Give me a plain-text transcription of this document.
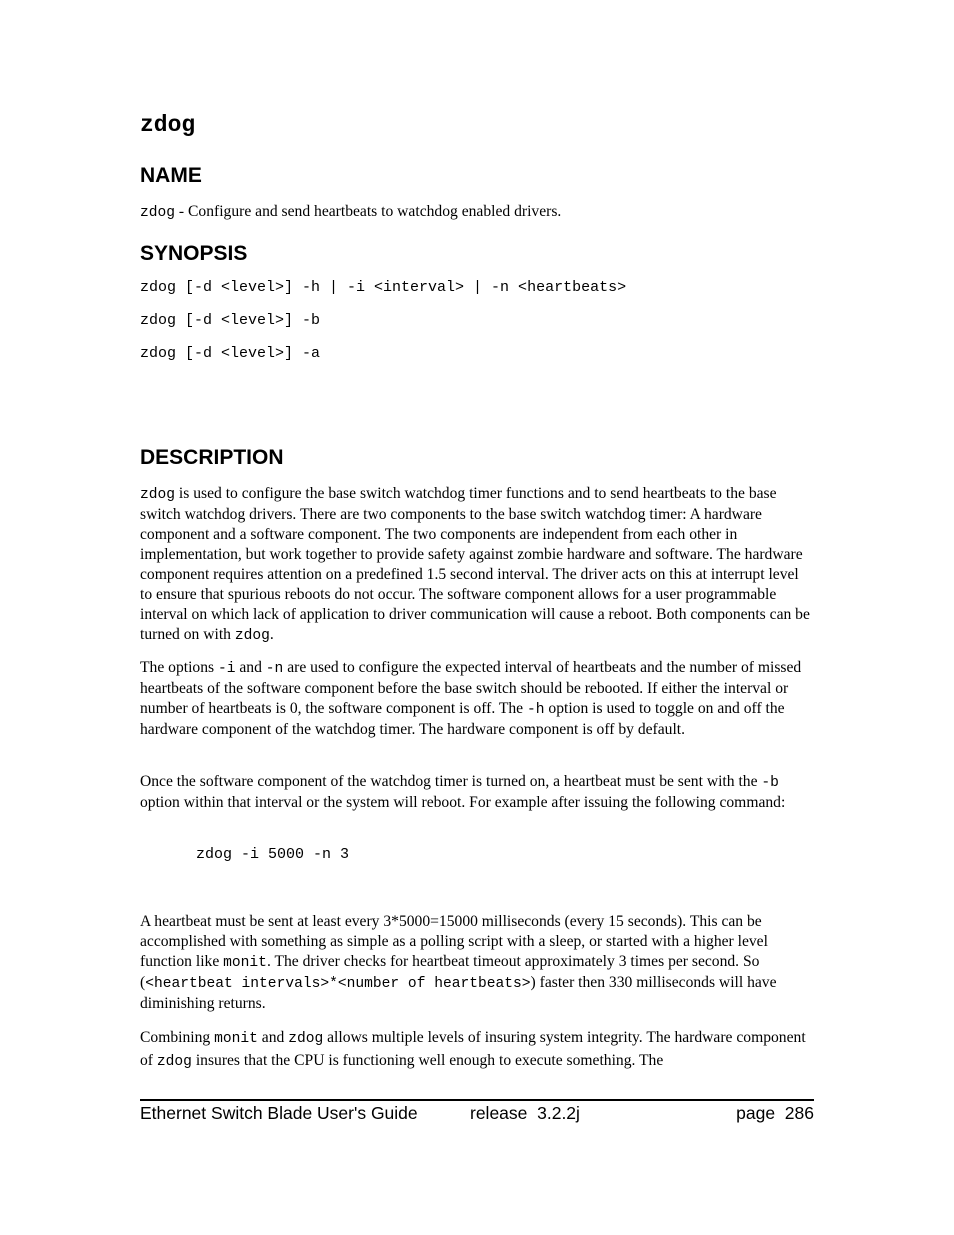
zdog
NAME

zdog - Configure and send heartbeats to watchdog enabled drivers.

SYNOPSIS
zdog [-d <level>] -h | -i <interval> | -n <heartbeats>
zdog [-d <level>] -b
zdog [-d <level>] -a
DESCRIPTION

zdog is used to configure the base switch watchdog timer functions and to send heartbeats to the base switch watchdog drivers. There are two components to the base switch watchdog timer: A hardware component and a software component. The two components are independent from each other in implementation, but work together to provide safety against zombie hardware and software. The hardware component requires attention on a predefined 1.5 second interval. The driver acts on this at interrupt level to ensure that spurious reboots do not occur. The software component allows for a user programmable interval on which lack of application to driver communication will cause a reboot. Both components can be turned on with zdog.

The options -i and -n are used to configure the expected interval of heartbeats and the number of missed heartbeats of the software component before the base switch should be rebooted. If either the interval or number of heartbeats is 0, the software component is off. The -h option is used to toggle on and off the hardware component of the watchdog timer. The hardware component is off by default.

Once the software component of the watchdog timer is turned on, a heartbeat must be sent with the -b option within that interval or the system will reboot. For example after issuing the following command:

zdog -i 5000 -n 3

A heartbeat must be sent at least every 3*5000=15000 milliseconds (every 15 seconds). This can be accomplished with something as simple as a polling script with a sleep, or started with a higher level function like monit. The driver checks for heartbeat timeout approximately 3 times per second. So (<heartbeat intervals>*<number of heartbeats>) faster then 330 milliseconds will have diminishing returns.

Combining monit and zdog allows multiple levels of insuring system integrity. The hardware component of zdog insures that the CPU is functioning well enough to execute something. The

Ethernet Switch Blade User's Guide	release  3.2.2j	page  286
